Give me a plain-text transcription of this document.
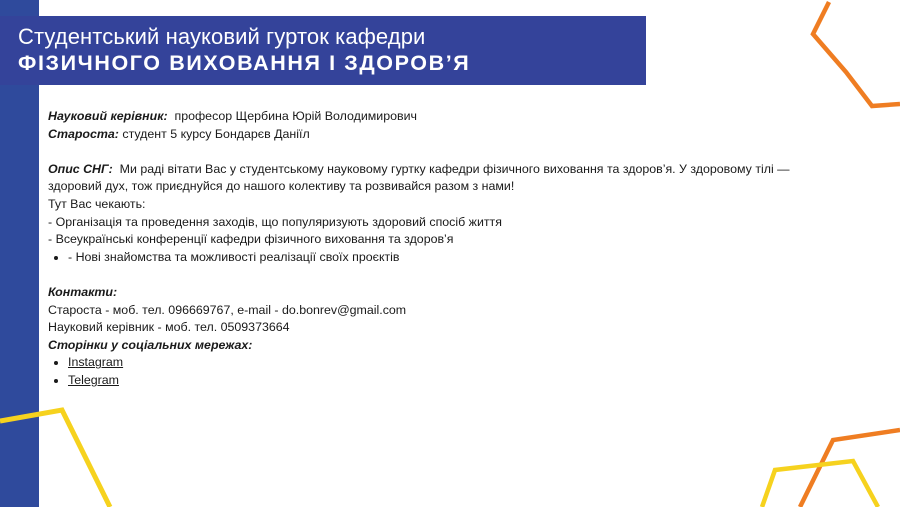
Студентський науковий гурток кафедри
ФІЗИЧНОГО ВИХОВАННЯ І ЗДОРОВ’Я

Науковий керівник: професор Щербина Юрій Володимирович

Староста: студент 5 курсу Бондарєв Даніїл

Опис СНГ: Ми раді вітати Вас у студентському науковому гуртку кафедри фізичного виховання та здоров’я. У здоровому тілі —

здоровий дух, тож приєднуйся до нашого колективу та розвивайся разом з нами!

Тут Вас чекають:

- Організація та проведення заходів, що популяризують здоровий спосіб життя

- Всеукраїнські конференції кафедри фізичного виховання та здоров’я

• - Нові знайомства та можливості реалізації своїх проєктів

Контакти:

Староста - моб. тел. 096669767, e-mail - do.bonrev@gmail.com

Науковий керівник - моб. тел. 0509373664

Сторінки у соціальних мережах:

• Instagram
• Telegram
